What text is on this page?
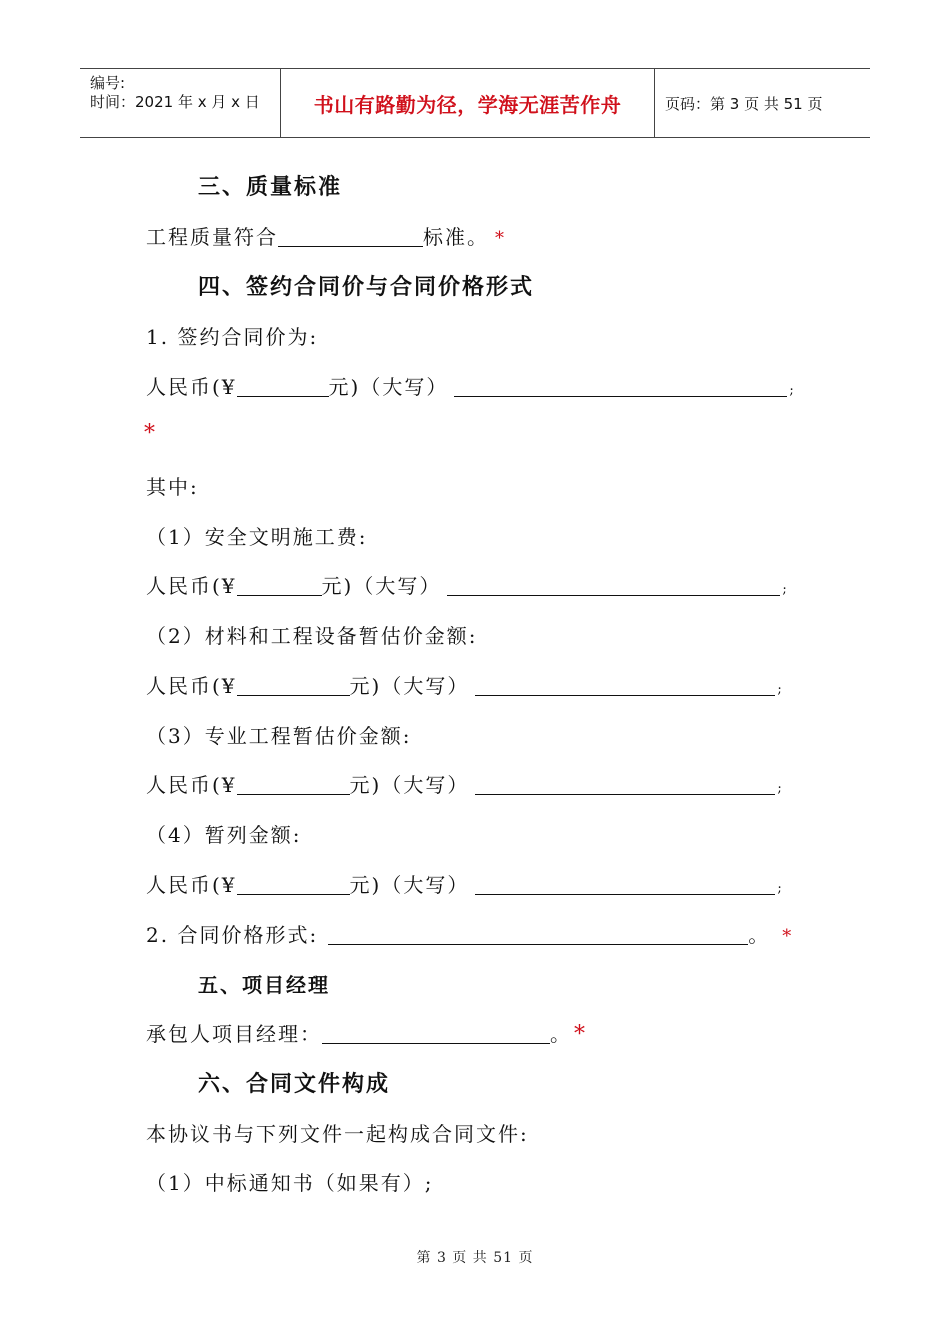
编号:
时间：2021 年 x 月 x 日	书山有路勤为径，学海无涯苦作舟	页码：第 3 页 共 51 页
三、质量标准
工程质量符合	标准。 *
四、签约合同价与合同价格形式
1. 签约合同价为:
人民币(¥	元)（大写）	;
*
其中:
（1）安全文明施工费:
人民币(¥	元)（大写）	;
（2）材料和工程设备暂估价金额:
人民币(¥	元)（大写）	;
（3）专业工程暂估价金额:
人民币(¥	元)（大写）	;
（4）暂列金额:
人民币(¥	元)（大写）	;
2. 合同价格形式:	。 *
五、项目经理
承包人项目经理：	。*
六、合同文件构成
本协议书与下列文件一起构成合同文件:
（1）中标通知书（如果有）;
第 3 页 共 51 页
